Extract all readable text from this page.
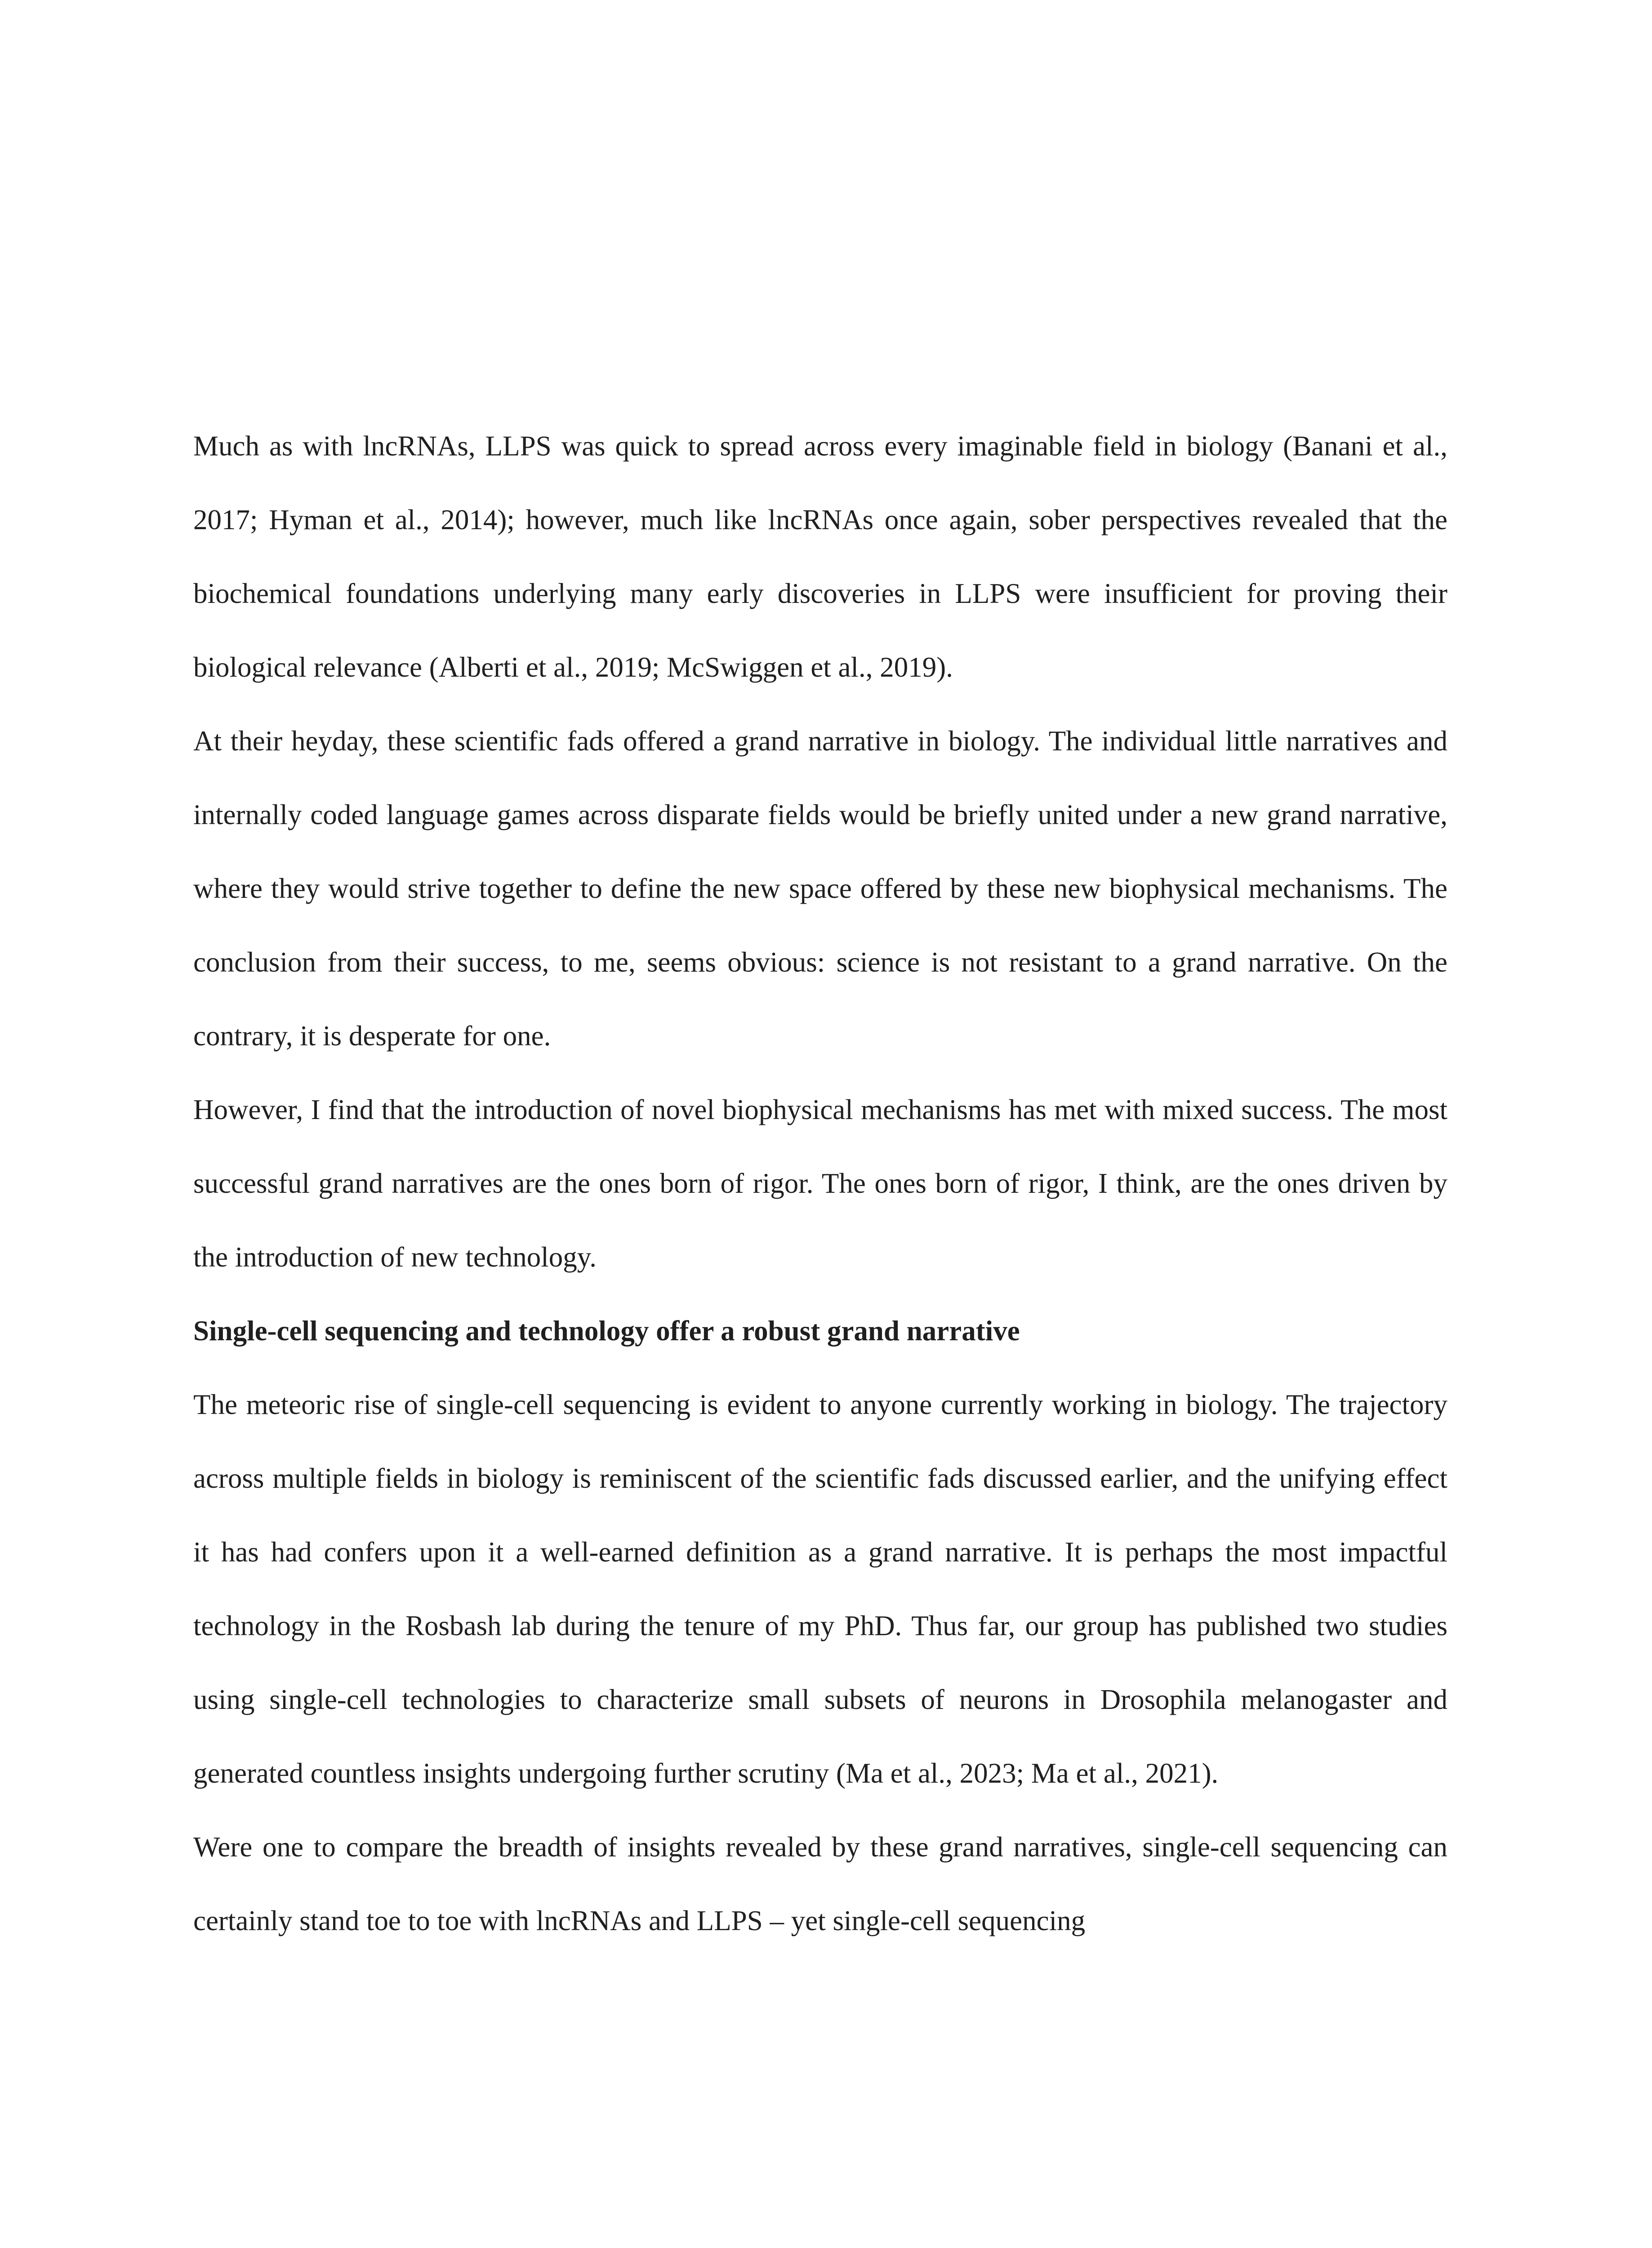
Much as with lncRNAs, LLPS was quick to spread across every imaginable field in biology (Banani et al., 2017; Hyman et al., 2014); however, much like lncRNAs once again, sober perspectives revealed that the biochemical foundations underlying many early discoveries in LLPS were insufficient for proving their biological relevance (Alberti et al., 2019; McSwiggen et al., 2019).

At their heyday, these scientific fads offered a grand narrative in biology. The individual little narratives and internally coded language games across disparate fields would be briefly united under a new grand narrative, where they would strive together to define the new space offered by these new biophysical mechanisms. The conclusion from their success, to me, seems obvious: science is not resistant to a grand narrative. On the contrary, it is desperate for one.

However, I find that the introduction of novel biophysical mechanisms has met with mixed success. The most successful grand narratives are the ones born of rigor. The ones born of rigor, I think, are the ones driven by the introduction of new technology.

Single-cell sequencing and technology offer a robust grand narrative

The meteoric rise of single-cell sequencing is evident to anyone currently working in biology. The trajectory across multiple fields in biology is reminiscent of the scientific fads discussed earlier, and the unifying effect it has had confers upon it a well-earned definition as a grand narrative. It is perhaps the most impactful technology in the Rosbash lab during the tenure of my PhD. Thus far, our group has published two studies using single-cell technologies to characterize small subsets of neurons in Drosophila melanogaster and generated countless insights undergoing further scrutiny (Ma et al., 2023; Ma et al., 2021).

Were one to compare the breadth of insights revealed by these grand narratives, single-cell sequencing can certainly stand toe to toe with lncRNAs and LLPS – yet single-cell sequencing
